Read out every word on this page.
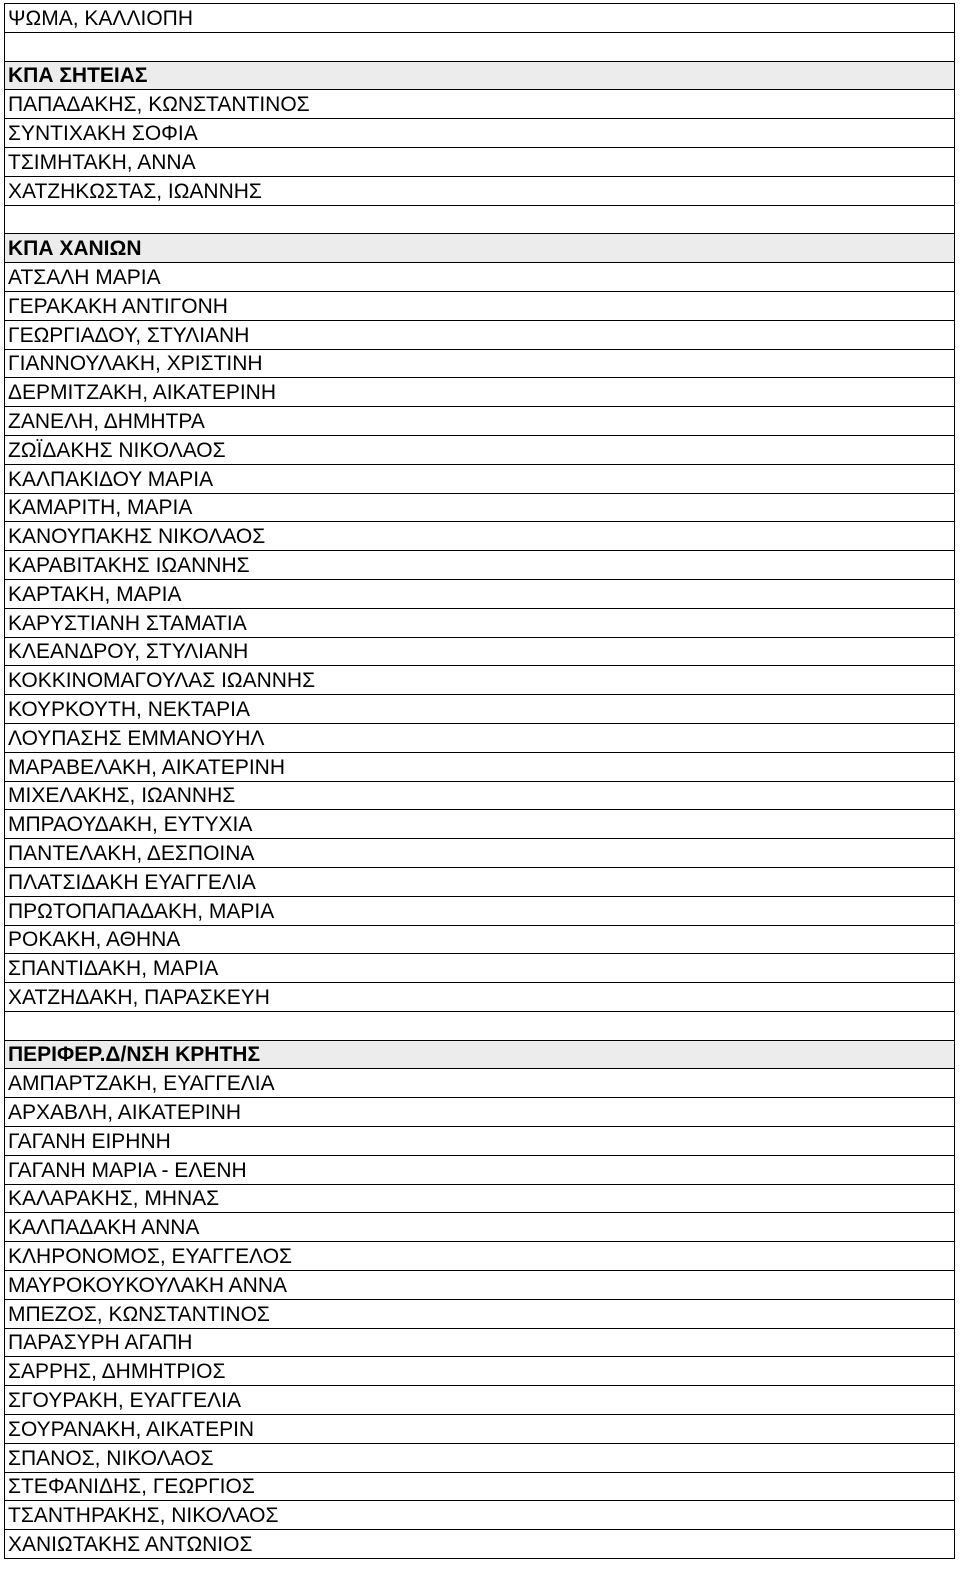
ΨΩΜΑ, ΚΑΛΛΙΟΠΗ

ΚΠΑ ΣΗΤΕΙΑΣ
ΠΑΠΑΔΑΚΗΣ, ΚΩΝΣΤΑΝΤΙΝΟΣ
ΣΥΝΤΙΧΑΚΗ ΣΟΦΙΑ
ΤΣΙΜΗΤΑΚΗ, ΑΝΝΑ
ΧΑΤΖΗΚΩΣΤΑΣ, ΙΩΑΝΝΗΣ

ΚΠΑ ΧΑΝΙΩΝ
ΑΤΣΑΛΗ ΜΑΡΙΑ
ΓΕΡΑΚΑΚΗ ΑΝΤΙΓΟΝΗ
ΓΕΩΡΓΙΑΔΟΥ, ΣΤΥΛΙΑΝΗ
ΓΙΑΝΝΟΥΛΑΚΗ, ΧΡΙΣΤΙΝΗ
ΔΕΡΜΙΤΖΑΚΗ, ΑΙΚΑΤΕΡΙΝΗ
ΖΑΝΕΛΗ, ΔΗΜΗΤΡΑ
ΖΩΪΔΑΚΗΣ ΝΙΚΟΛΑΟΣ
ΚΑΛΠΑΚΙΔΟΥ ΜΑΡΙΑ
ΚΑΜΑΡΙΤΗ, ΜΑΡΙΑ
ΚΑΝΟΥΠΑΚΗΣ ΝΙΚΟΛΑΟΣ
ΚΑΡΑΒΙΤΑΚΗΣ ΙΩΑΝΝΗΣ
ΚΑΡΤΑΚΗ, ΜΑΡΙΑ
ΚΑΡΥΣΤΙΑΝΗ ΣΤΑΜΑΤΙΑ
ΚΛΕΑΝΔΡΟΥ, ΣΤΥΛΙΑΝΗ
ΚΟΚΚΙΝΟΜΑΓΟΥΛΑΣ ΙΩΑΝΝΗΣ
ΚΟΥΡΚΟΥΤΗ, ΝΕΚΤΑΡΙΑ
ΛΟΥΠΑΣΗΣ ΕΜΜΑΝΟΥΗΛ
ΜΑΡΑΒΕΛΑΚΗ, ΑΙΚΑΤΕΡΙΝΗ
ΜΙΧΕΛΑΚΗΣ, ΙΩΑΝΝΗΣ
ΜΠΡΑΟΥΔΑΚΗ, ΕΥΤΥΧΙΑ
ΠΑΝΤΕΛΑΚΗ, ΔΕΣΠΟΙΝΑ
ΠΛΑΤΣΙΔΑΚΗ ΕΥΑΓΓΕΛΙΑ
ΠΡΩΤΟΠΑΠΑΔΑΚΗ, ΜΑΡΙΑ
ΡΟΚΑΚΗ, ΑΘΗΝΑ
ΣΠΑΝΤΙΔΑΚΗ, ΜΑΡΙΑ
ΧΑΤΖΗΔΑΚΗ, ΠΑΡΑΣΚΕΥΗ

ΠΕΡΙΦΕΡ.Δ/ΝΣΗ ΚΡΗΤΗΣ
ΑΜΠΑΡΤΖΑΚΗ, ΕΥΑΓΓΕΛΙΑ
ΑΡΧΑΒΛΗ, ΑΙΚΑΤΕΡΙΝΗ
ΓΑΓΑΝΗ ΕΙΡΗΝΗ
ΓΑΓΑΝΗ ΜΑΡΙΑ - ΕΛΕΝΗ
ΚΑΛΑΡΑΚΗΣ, ΜΗΝΑΣ
ΚΑΛΠΑΔΑΚΗ ΑΝΝΑ
ΚΛΗΡΟΝΟΜΟΣ, ΕΥΑΓΓΕΛΟΣ
ΜΑΥΡΟΚΟΥΚΟΥΛΑΚΗ ΑΝΝΑ
ΜΠΕΖΟΣ, ΚΩΝΣΤΑΝΤΙΝΟΣ
ΠΑΡΑΣΥΡΗ ΑΓΑΠΗ
ΣΑΡΡΗΣ, ΔΗΜΗΤΡΙΟΣ
ΣΓΟΥΡΑΚΗ, ΕΥΑΓΓΕΛΙΑ
ΣΟΥΡΑΝΑΚΗ, ΑΙΚΑΤΕΡΙΝ
ΣΠΑΝΟΣ, ΝΙΚΟΛΑΟΣ
ΣΤΕΦΑΝΙΔΗΣ, ΓΕΩΡΓΙΟΣ
ΤΣΑΝΤΗΡΑΚΗΣ, ΝΙΚΟΛΑΟΣ
ΧΑΝΙΩΤΑΚΗΣ ΑΝΤΩΝΙΟΣ
